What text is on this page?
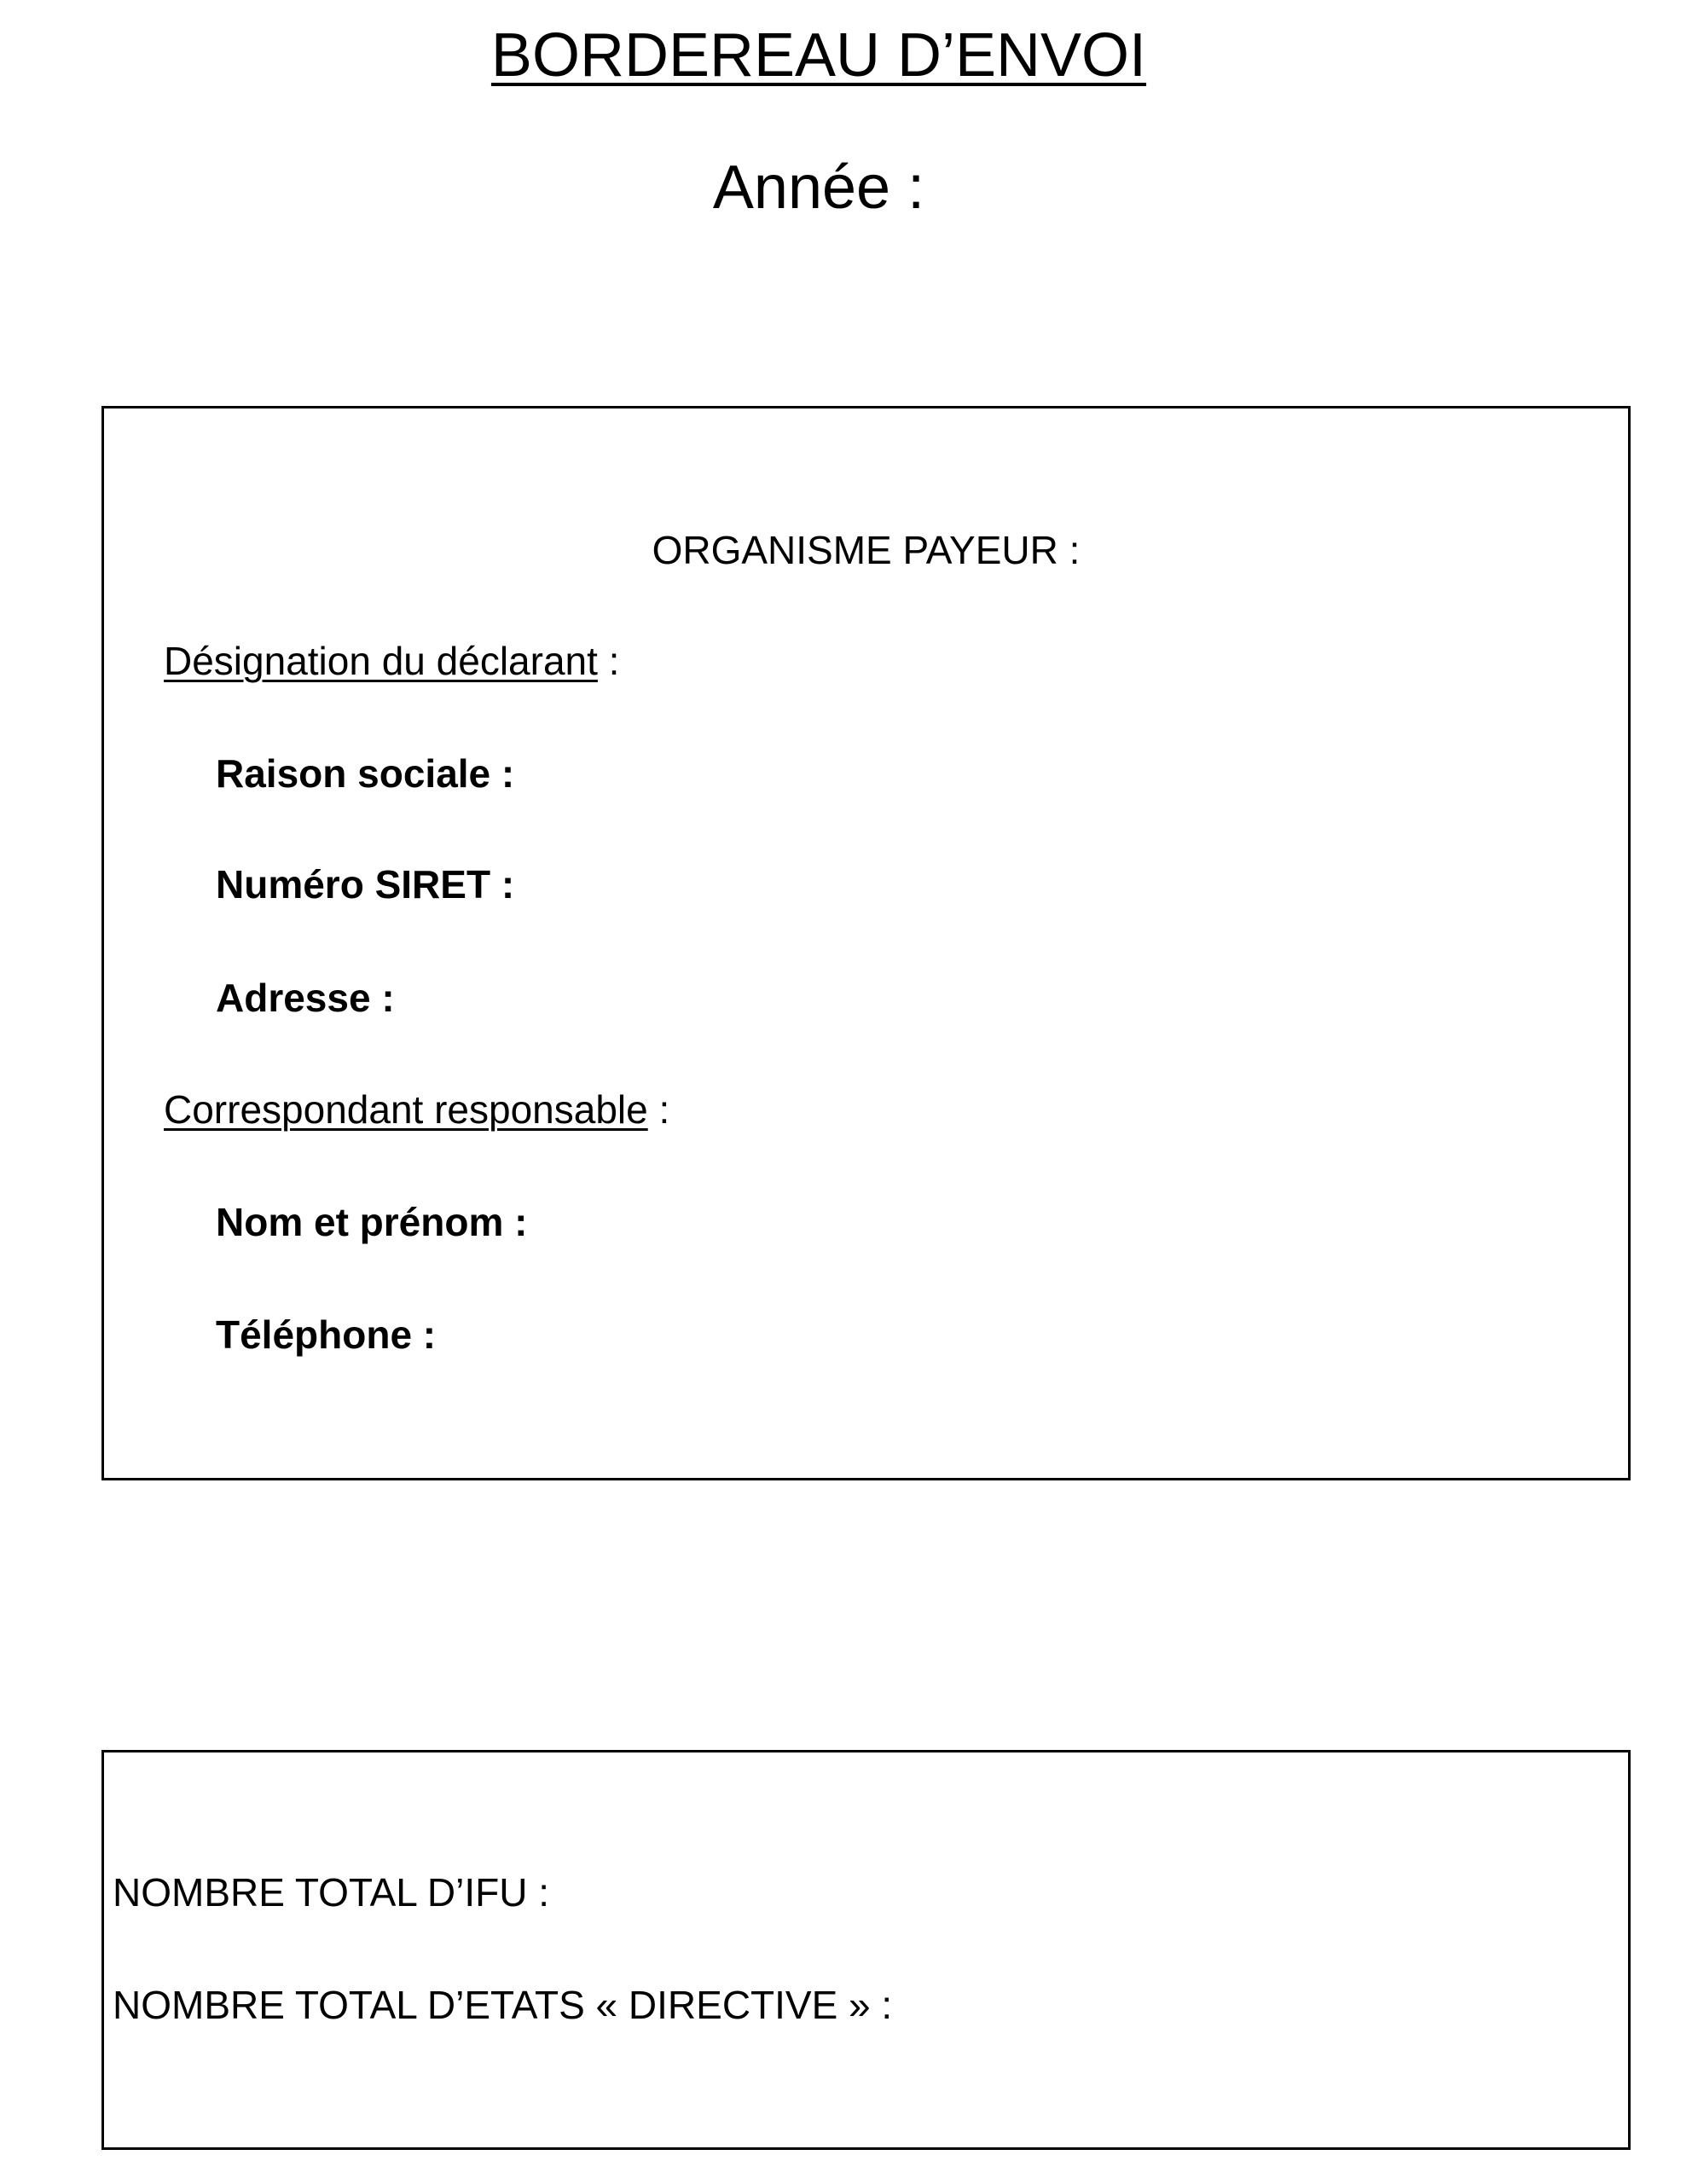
BORDEREAU D’ENVOI
Année :
ORGANISME PAYEUR :
Désignation du déclarant :
Raison sociale :
Numéro SIRET :
Adresse :
Correspondant responsable :
Nom et prénom :
Téléphone :
NOMBRE TOTAL D’IFU :
NOMBRE TOTAL D’ETATS « DIRECTIVE » :
